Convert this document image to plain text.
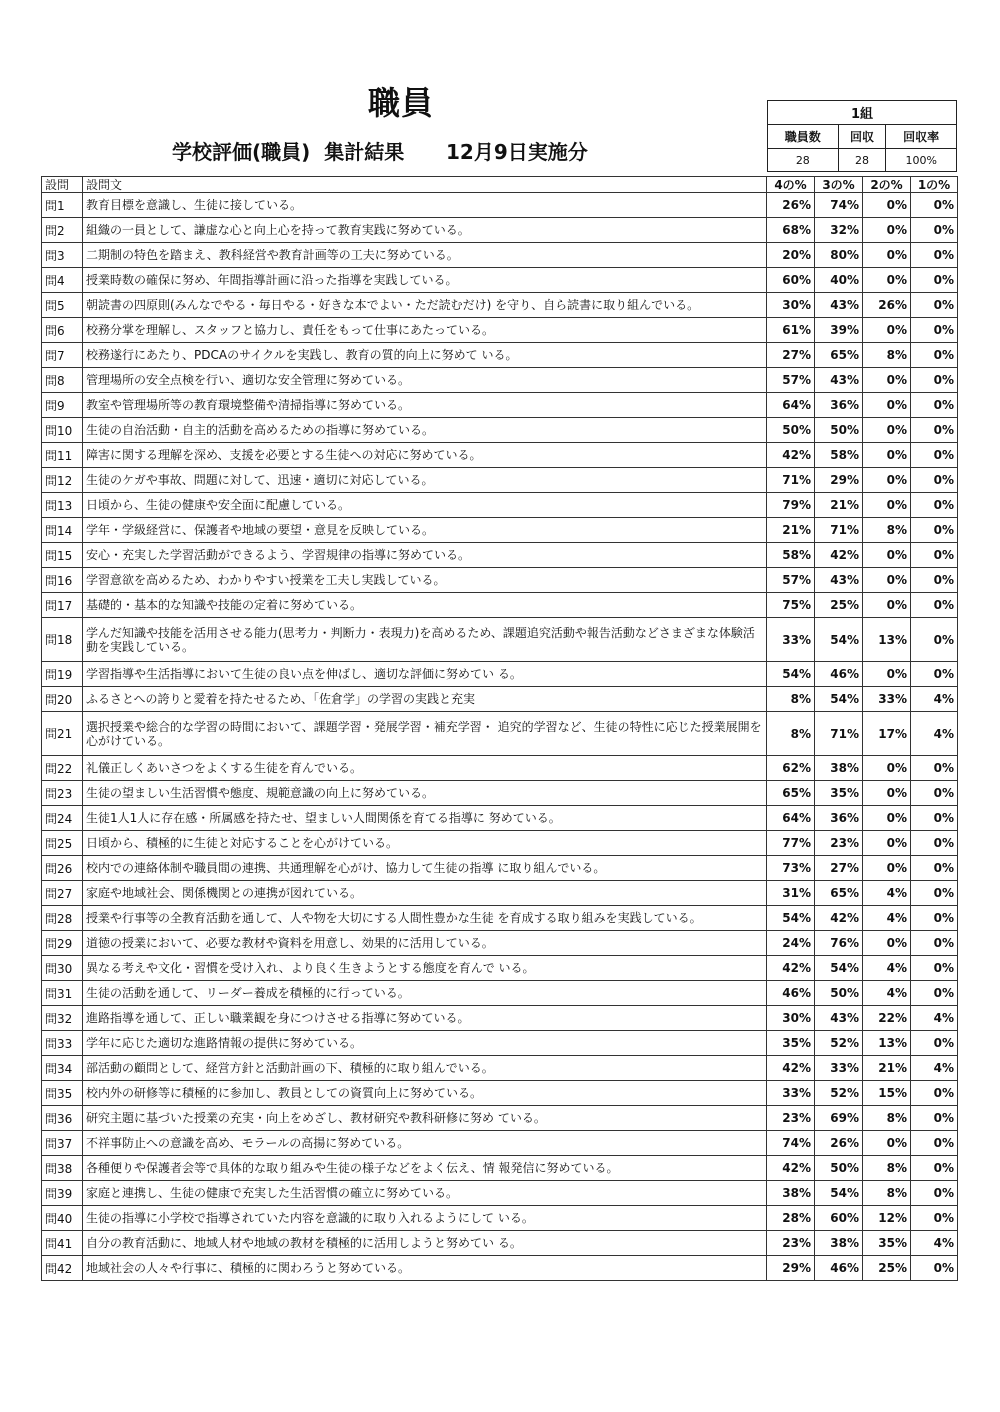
職員
学校評価(職員)  集計結果      12月9日実施分
1組		
職員数	回収	回収率
28	28	100%
設問	設問文	4の%	3の%	2の%	1の%
問1	教育目標を意識し、生徒に接している。	26%	74%	0%	0%
問2	組織の一員として、謙虚な心と向上心を持って教育実践に努めている。	68%	32%	0%	0%
問3	二期制の特色を踏まえ、教科経営や教育計画等の工夫に努めている。	20%	80%	0%	0%
問4	授業時数の確保に努め、年間指導計画に沿った指導を実践している。	60%	40%	0%	0%
問5	朝読書の四原則(みんなでやる・毎日やる・好きな本でよい・ただ読むだけ) を守り、自ら読書に取り組んでいる。	30%	43%	26%	0%
問6	校務分掌を理解し、スタッフと協力し、責任をもって仕事にあたっている。	61%	39%	0%	0%
問7	校務遂行にあたり、PDCAのサイクルを実践し、教育の質的向上に努めて いる。	27%	65%	8%	0%
問8	管理場所の安全点検を行い、適切な安全管理に努めている。	57%	43%	0%	0%
問9	教室や管理場所等の教育環境整備や清掃指導に努めている。	64%	36%	0%	0%
問10	生徒の自治活動・自主的活動を高めるための指導に努めている。	50%	50%	0%	0%
問11	障害に関する理解を深め、支援を必要とする生徒への対応に努めている。	42%	58%	0%	0%
問12	生徒のケガや事故、問題に対して、迅速・適切に対応している。	71%	29%	0%	0%
問13	日頃から、生徒の健康や安全面に配慮している。	79%	21%	0%	0%
問14	学年・学級経営に、保護者や地域の要望・意見を反映している。	21%	71%	8%	0%
問15	安心・充実した学習活動ができるよう、学習規律の指導に努めている。	58%	42%	0%	0%
問16	学習意欲を高めるため、わかりやすい授業を工夫し実践している。	57%	43%	0%	0%
問17	基礎的・基本的な知識や技能の定着に努めている。	75%	25%	0%	0%
問18	学んだ知識や技能を活用させる能力(思考力・判断力・表現力)を高めるため、課題追究活動や報告活動などさまざまな体験活動を実践している。	33%	54%	13%	0%
問19	学習指導や生活指導において生徒の良い点を伸ばし、適切な評価に努めてい る。	54%	46%	0%	0%
問20	ふるさとへの誇りと愛着を持たせるため、「佐倉学」の学習の実践と充実	8%	54%	33%	4%
問21	選択授業や総合的な学習の時間において、課題学習・発展学習・補充学習・ 追究的学習など、生徒の特性に応じた授業展開を心がけている。	8%	71%	17%	4%
問22	礼儀正しくあいさつをよくする生徒を育んでいる。	62%	38%	0%	0%
問23	生徒の望ましい生活習慣や態度、規範意識の向上に努めている。	65%	35%	0%	0%
問24	生徒1人1人に存在感・所属感を持たせ、望ましい人間関係を育てる指導に 努めている。	64%	36%	0%	0%
問25	日頃から、積極的に生徒と対応することを心がけている。	77%	23%	0%	0%
問26	校内での連絡体制や職員間の連携、共通理解を心がけ、協力して生徒の指導 に取り組んでいる。	73%	27%	0%	0%
問27	家庭や地域社会、関係機関との連携が図れている。	31%	65%	4%	0%
問28	授業や行事等の全教育活動を通して、人や物を大切にする人間性豊かな生徒 を育成する取り組みを実践している。	54%	42%	4%	0%
問29	道徳の授業において、必要な教材や資料を用意し、効果的に活用している。	24%	76%	0%	0%
問30	異なる考えや文化・習慣を受け入れ、より良く生きようとする態度を育んで いる。	42%	54%	4%	0%
問31	生徒の活動を通して、リーダー養成を積極的に行っている。	46%	50%	4%	0%
問32	進路指導を通して、正しい職業観を身につけさせる指導に努めている。	30%	43%	22%	4%
問33	学年に応じた適切な進路情報の提供に努めている。	35%	52%	13%	0%
問34	部活動の顧問として、経営方針と活動計画の下、積極的に取り組んでいる。	42%	33%	21%	4%
問35	校内外の研修等に積極的に参加し、教員としての資質向上に努めている。	33%	52%	15%	0%
問36	研究主題に基づいた授業の充実・向上をめざし、教材研究や教科研修に努め ている。	23%	69%	8%	0%
問37	不祥事防止への意識を高め、モラールの高揚に努めている。	74%	26%	0%	0%
問38	各種便りや保護者会等で具体的な取り組みや生徒の様子などをよく伝え、情 報発信に努めている。	42%	50%	8%	0%
問39	家庭と連携し、生徒の健康で充実した生活習慣の確立に努めている。	38%	54%	8%	0%
問40	生徒の指導に小学校で指導されていた内容を意識的に取り入れるようにして いる。	28%	60%	12%	0%
問41	自分の教育活動に、地域人材や地域の教材を積極的に活用しようと努めてい る。	23%	38%	35%	4%
問42	地域社会の人々や行事に、積極的に関わろうと努めている。	29%	46%	25%	0%
